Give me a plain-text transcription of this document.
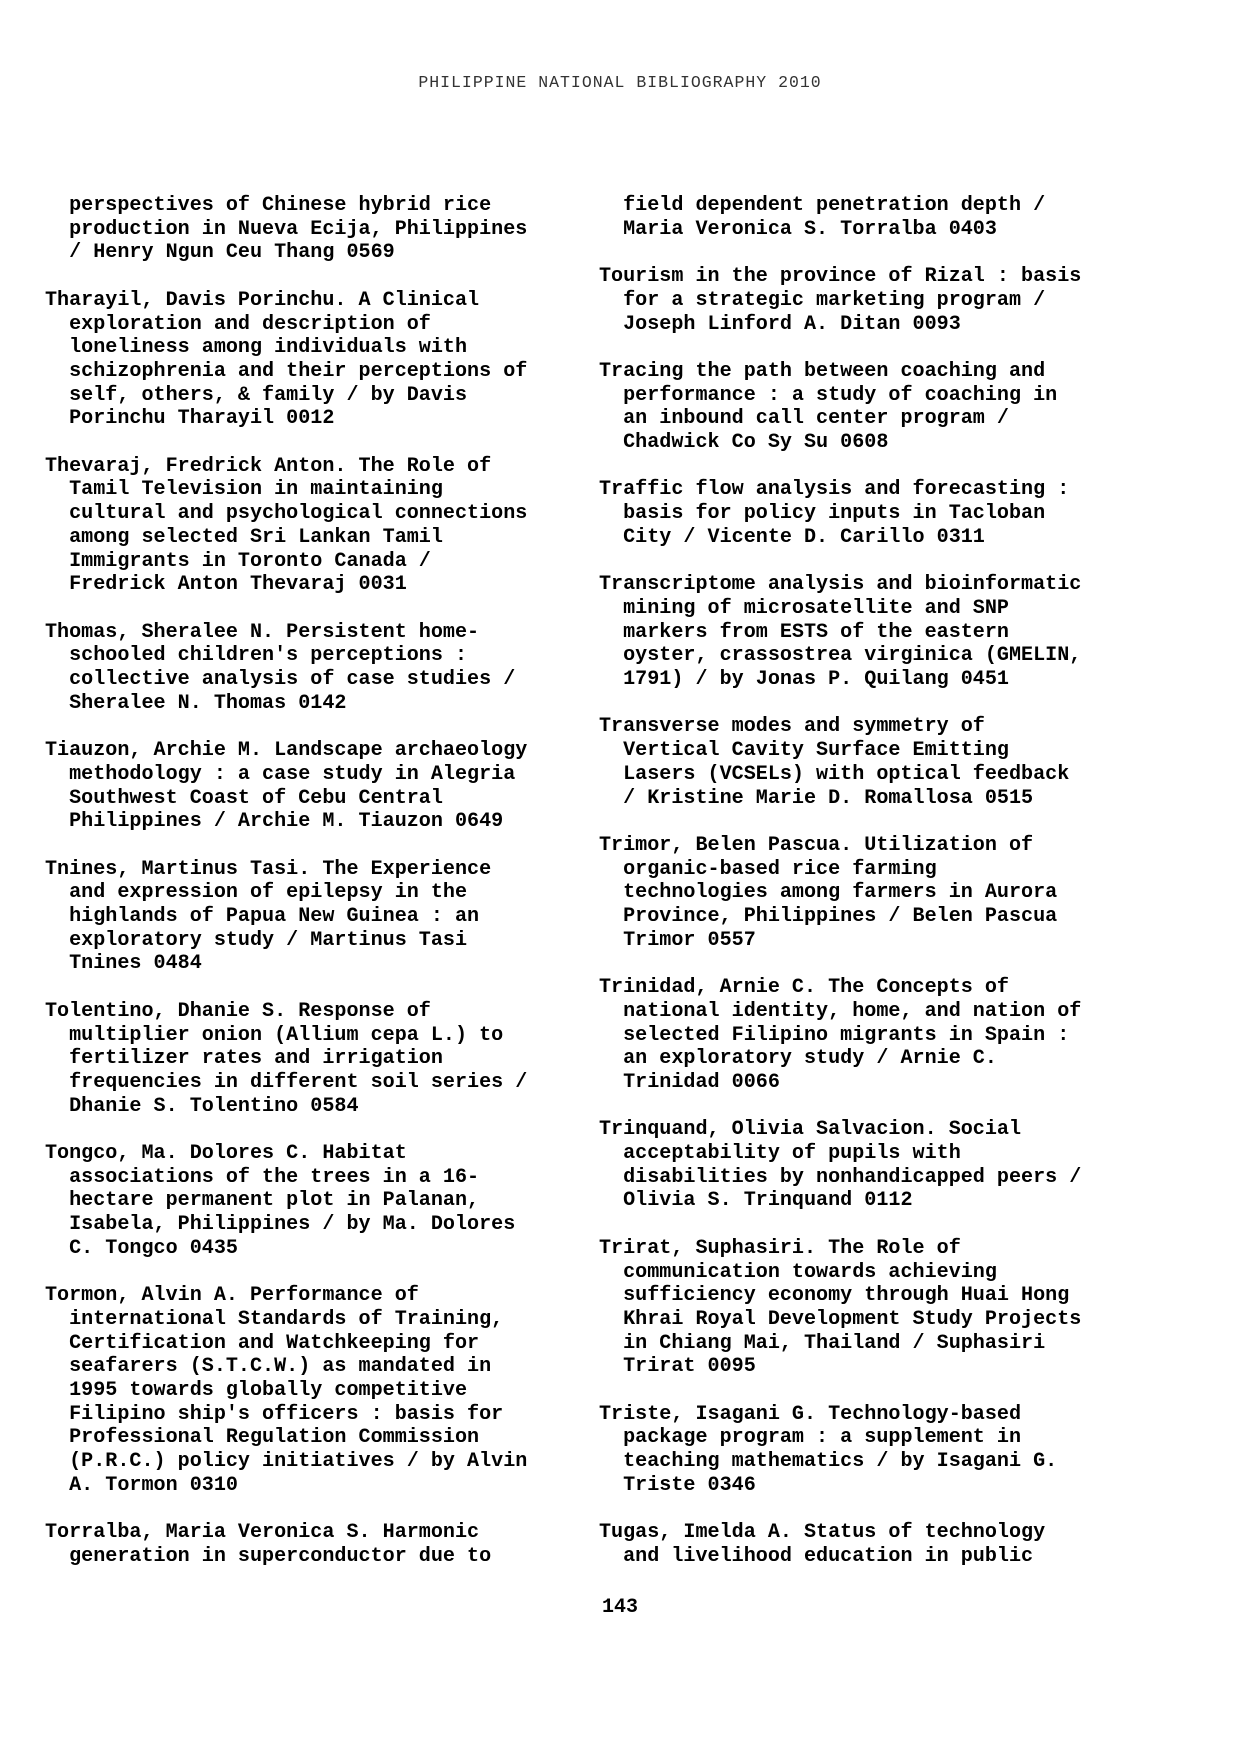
PHILIPPINE NATIONAL BIBLIOGRAPHY 2010
perspectives of Chinese hybrid rice
production in Nueva Ecija, Philippines
/ Henry Ngun Ceu Thang 0569
Tharayil, Davis Porinchu. A Clinical
exploration and description of
loneliness among individuals with
schizophrenia and their perceptions of
self, others, & family / by Davis
Porinchu Tharayil 0012
Thevaraj, Fredrick Anton. The Role of
Tamil Television in maintaining
cultural and psychological connections
among selected Sri Lankan Tamil
Immigrants in Toronto Canada /
Fredrick Anton Thevaraj 0031
Thomas, Sheralee N. Persistent home-
schooled children's perceptions :
collective analysis of case studies /
Sheralee N. Thomas 0142
Tiauzon, Archie M. Landscape archaeology
methodology : a case study in Alegria
Southwest Coast of Cebu Central
Philippines / Archie M. Tiauzon 0649
Tnines, Martinus Tasi. The Experience
and expression of epilepsy in the
highlands of Papua New Guinea : an
exploratory study / Martinus Tasi
Tnines 0484
Tolentino, Dhanie S. Response of
multiplier onion (Allium cepa L.) to
fertilizer rates and irrigation
frequencies in different soil series /
Dhanie S. Tolentino 0584
Tongco, Ma. Dolores C. Habitat
associations of the trees in a 16-
hectare permanent plot in Palanan,
Isabela, Philippines / by Ma. Dolores
C. Tongco 0435
Tormon, Alvin A. Performance of
international Standards of Training,
Certification and Watchkeeping for
seafarers (S.T.C.W.) as mandated in
1995 towards globally competitive
Filipino ship's officers : basis for
Professional Regulation Commission
(P.R.C.) policy initiatives / by Alvin
A. Tormon 0310
Torralba, Maria Veronica S. Harmonic
generation in superconductor due to
field dependent penetration depth /
Maria Veronica S. Torralba 0403
Tourism in the province of Rizal : basis
for a strategic marketing program /
Joseph Linford A. Ditan 0093
Tracing the path between coaching and
performance : a study of coaching in
an inbound call center program /
Chadwick Co Sy Su 0608
Traffic flow analysis and forecasting :
basis for policy inputs in Tacloban
City / Vicente D. Carillo 0311
Transcriptome analysis and bioinformatic
mining of microsatellite and SNP
markers from ESTS of the eastern
oyster, crassostrea virginica (GMELIN,
1791) / by Jonas P. Quilang 0451
Transverse modes and symmetry of
Vertical Cavity Surface Emitting
Lasers (VCSELs) with optical feedback
/ Kristine Marie D. Romallosa 0515
Trimor, Belen Pascua. Utilization of
organic-based rice farming
technologies among farmers in Aurora
Province, Philippines / Belen Pascua
Trimor 0557
Trinidad, Arnie C. The Concepts of
national identity, home, and nation of
selected Filipino migrants in Spain :
an exploratory study / Arnie C.
Trinidad 0066
Trinquand, Olivia Salvacion. Social
acceptability of pupils with
disabilities by nonhandicapped peers /
Olivia S. Trinquand 0112
Trirat, Suphasiri. The Role of
communication towards achieving
sufficiency economy through Huai Hong
Khrai Royal Development Study Projects
in Chiang Mai, Thailand / Suphasiri
Trirat 0095
Triste, Isagani G. Technology-based
package program : a supplement in
teaching mathematics / by Isagani G.
Triste 0346
Tugas, Imelda A. Status of technology
and livelihood education in public
143
